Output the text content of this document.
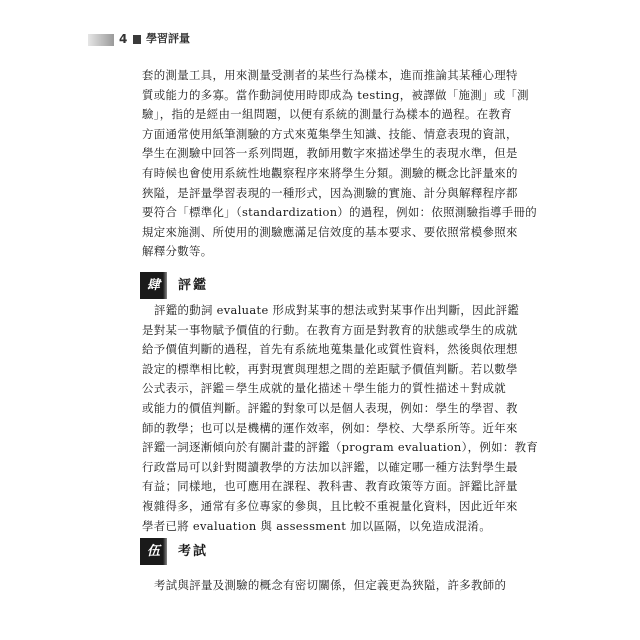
4 學習評量
套的測量工具，用來測量受測者的某些行為樣本，進而推論其某種心理特
質或能力的多寡。當作動詞使用時即成為 testing，被譯做「施測」或「測
驗」，指的是經由一組問題，以便有系統的測量行為樣本的過程。在教育
方面通常使用紙筆測驗的方式來蒐集學生知識、技能、情意表現的資訊，
學生在測驗中回答一系列問題，教師用數字來描述學生的表現水準，但是
有時候也會使用系統性地觀察程序來將學生分類。測驗的概念比評量來的
狹隘，是評量學習表現的一種形式，因為測驗的實施、計分與解釋程序都
要符合「標準化」（standardization）的過程，例如：依照測驗指導手冊的
規定來施測、所使用的測驗應滿足信效度的基本要求、要依照常模參照來
解釋分數等。
肆	評鑑
評鑑的動詞 evaluate 形成對某事的想法或對某事作出判斷，因此評鑑
是對某一事物賦予價值的行動。在教育方面是對教育的狀態或學生的成就
給予價值判斷的過程，首先有系統地蒐集量化或質性資料，然後與依理想
設定的標準相比較，再對現實與理想之間的差距賦予價值判斷。若以數學
公式表示，評鑑＝學生成就的量化描述＋學生能力的質性描述＋對成就
或能力的價值判斷。評鑑的對象可以是個人表現，例如：學生的學習、教
師的教學；也可以是機構的運作效率，例如：學校、大學系所等。近年來
評鑑一詞逐漸傾向於有關計畫的評鑑（program evaluation），例如：教育
行政當局可以針對閱讀教學的方法加以評鑑，以確定哪一種方法對學生最
有益；同樣地，也可應用在課程、教科書、教育政策等方面。評鑑比評量
複雜得多，通常有多位專家的參與，且比較不重視量化資料，因此近年來
學者已將 evaluation 與 assessment 加以區隔，以免造成混淆。
伍	考試
考試與評量及測驗的概念有密切關係，但定義更為狹隘，許多教師的
